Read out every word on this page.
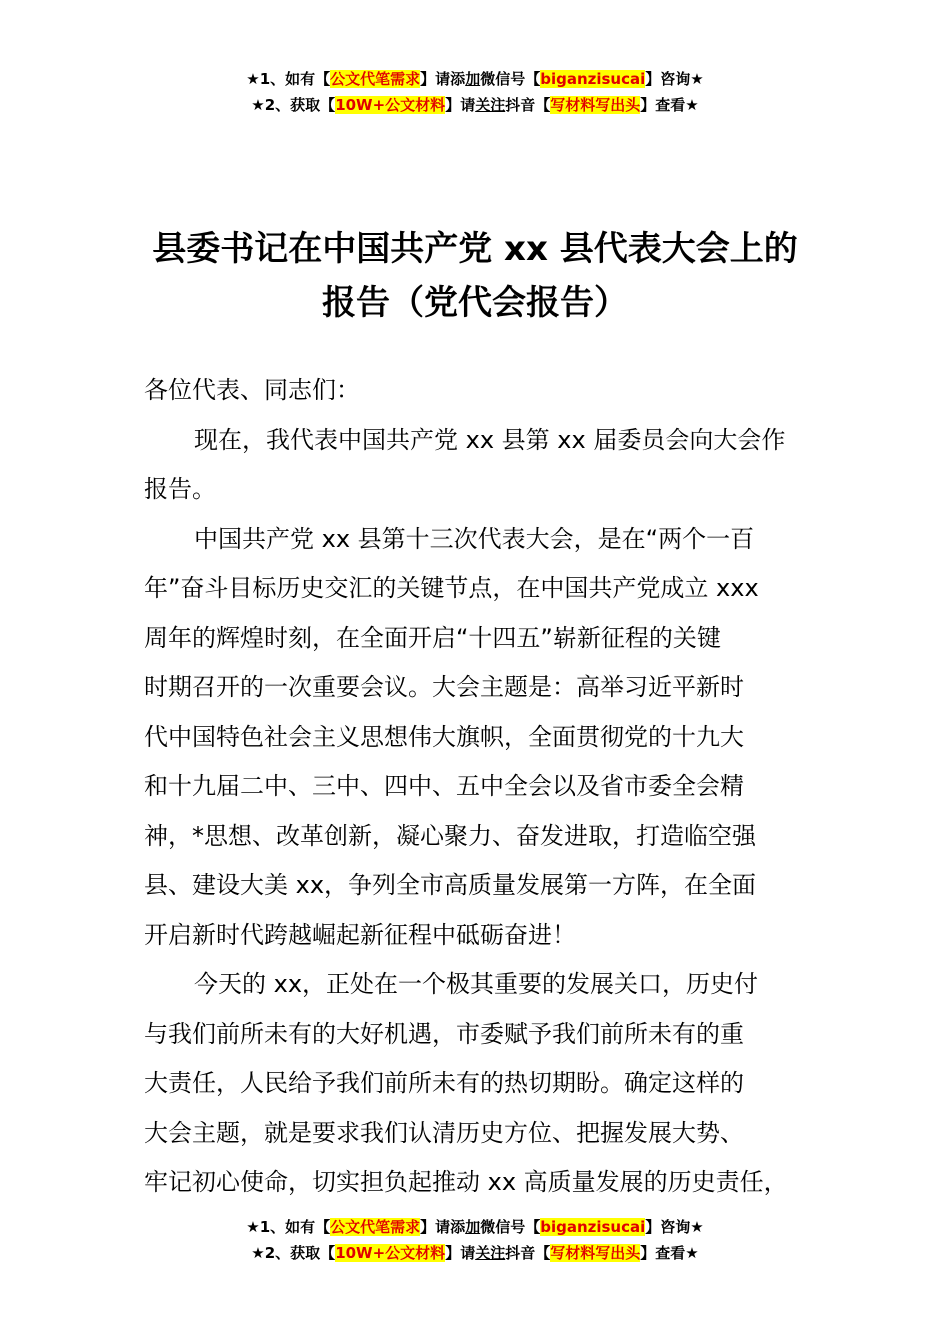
★1、如有【公文代笔需求】请添加微信号【biganzisucai】咨询★
★2、获取【10W+公文材料】请关注抖音【写材料写出头】查看★
县委书记在中国共产党 xx 县代表大会上的
报告（党代会报告）
各位代表、同志们：
现在，我代表中国共产党 xx 县第 xx 届委员会向大会作
报告。
中国共产党 xx 县第十三次代表大会，是在“两个一百
年”奋斗目标历史交汇的关键节点，在中国共产党成立 xxx
周年的辉煌时刻，在全面开启“十四五”崭新征程的关键
时期召开的一次重要会议。大会主题是：高举习近平新时
代中国特色社会主义思想伟大旗帜，全面贯彻党的十九大
和十九届二中、三中、四中、五中全会以及省市委全会精
神，*思想、改革创新，凝心聚力、奋发进取，打造临空强
县、建设大美 xx，争列全市高质量发展第一方阵，在全面
开启新时代跨越崛起新征程中砥砺奋进！
今天的 xx，正处在一个极其重要的发展关口，历史付
与我们前所未有的大好机遇，市委赋予我们前所未有的重
大责任，人民给予我们前所未有的热切期盼。确定这样的
大会主题，就是要求我们认清历史方位、把握发展大势、
牢记初心使命，切实担负起推动 xx 高质量发展的历史责任，
★1、如有【公文代笔需求】请添加微信号【biganzisucai】咨询★
★2、获取【10W+公文材料】请关注抖音【写材料写出头】查看★
